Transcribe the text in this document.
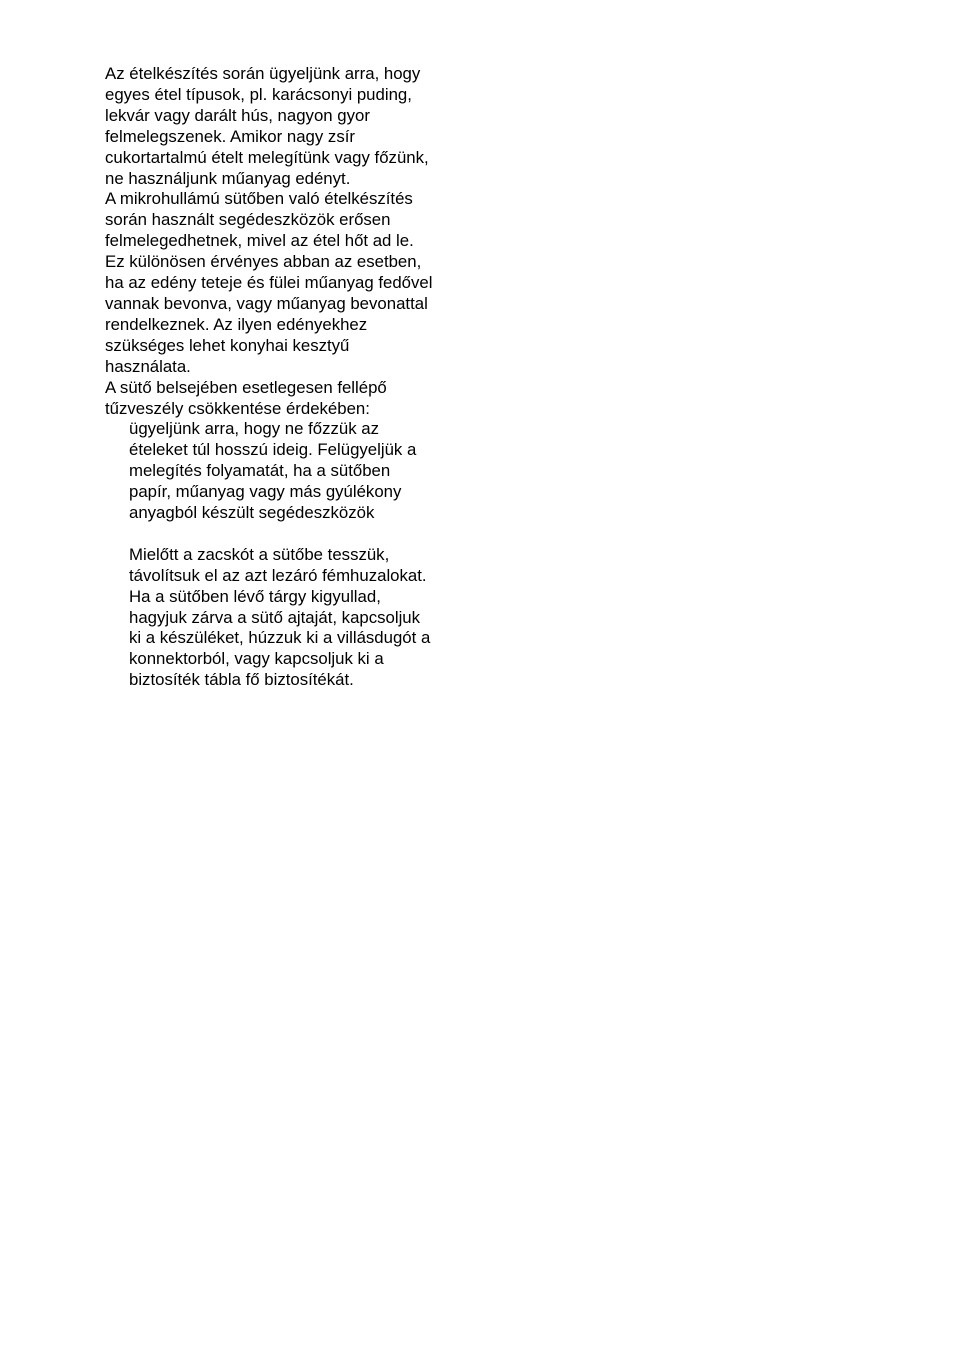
Az ételkészítés során ügyeljünk arra, hogy
egyes étel típusok, pl. karácsonyi puding,
lekvár vagy darált hús, nagyon gyor
felmelegszenek. Amikor nagy zsír
cukortartalmú ételt melegítünk vagy főzünk,
ne használjunk műanyag edényt.
A mikrohullámú sütőben való ételkészítés
során használt segédeszközök erősen
felmelegedhetnek, mivel az étel hőt ad le.
Ez különösen érvényes abban az esetben,
ha az edény teteje és fülei műanyag fedővel
vannak bevonva, vagy műanyag bevonattal
rendelkeznek. Az ilyen edényekhez
szükséges lehet konyhai kesztyű
használata.
A sütő belsejében esetlegesen fellépő
tűzveszély csökkentése érdekében:
ügyeljünk arra, hogy ne főzzük az
ételeket túl hosszú ideig. Felügyeljük a
melegítés folyamatát, ha a sütőben
papír, műanyag vagy más gyúlékony
anyagból készült segédeszközök
Mielőtt a zacskót a sütőbe tesszük,
távolítsuk el az azt lezáró fémhuzalokat.
Ha a sütőben lévő tárgy kigyullad,
hagyjuk zárva a sütő ajtaját, kapcsoljuk
ki a készüléket, húzzuk ki a villásdugót a
konnektorból, vagy kapcsoljuk ki a
biztosíték tábla fő biztosítékát.
